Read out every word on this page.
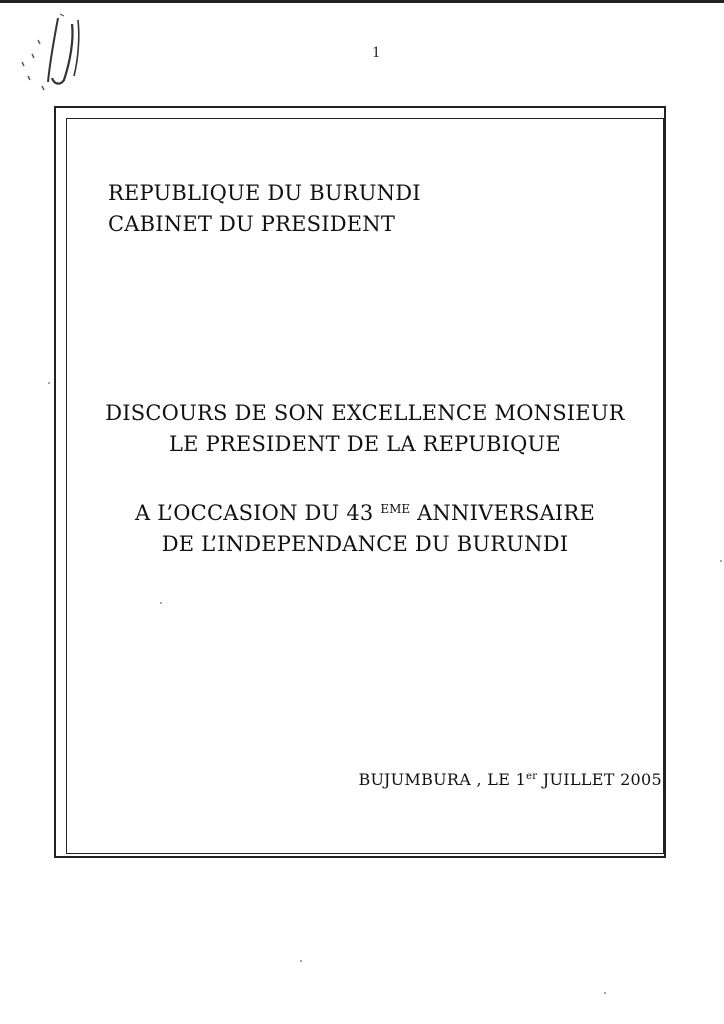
1
REPUBLIQUE DU BURUNDI
CABINET DU PRESIDENT
DISCOURS DE SON EXCELLENCE MONSIEUR
LE PRESIDENT DE LA REPUBIQUE
A L’OCCASION DU 43 $^{EME}$ ANNIVERSAIRE
DE L’INDEPENDANCE DU BURUNDI
BUJUMBURA , LE 1er JUILLET 2005
